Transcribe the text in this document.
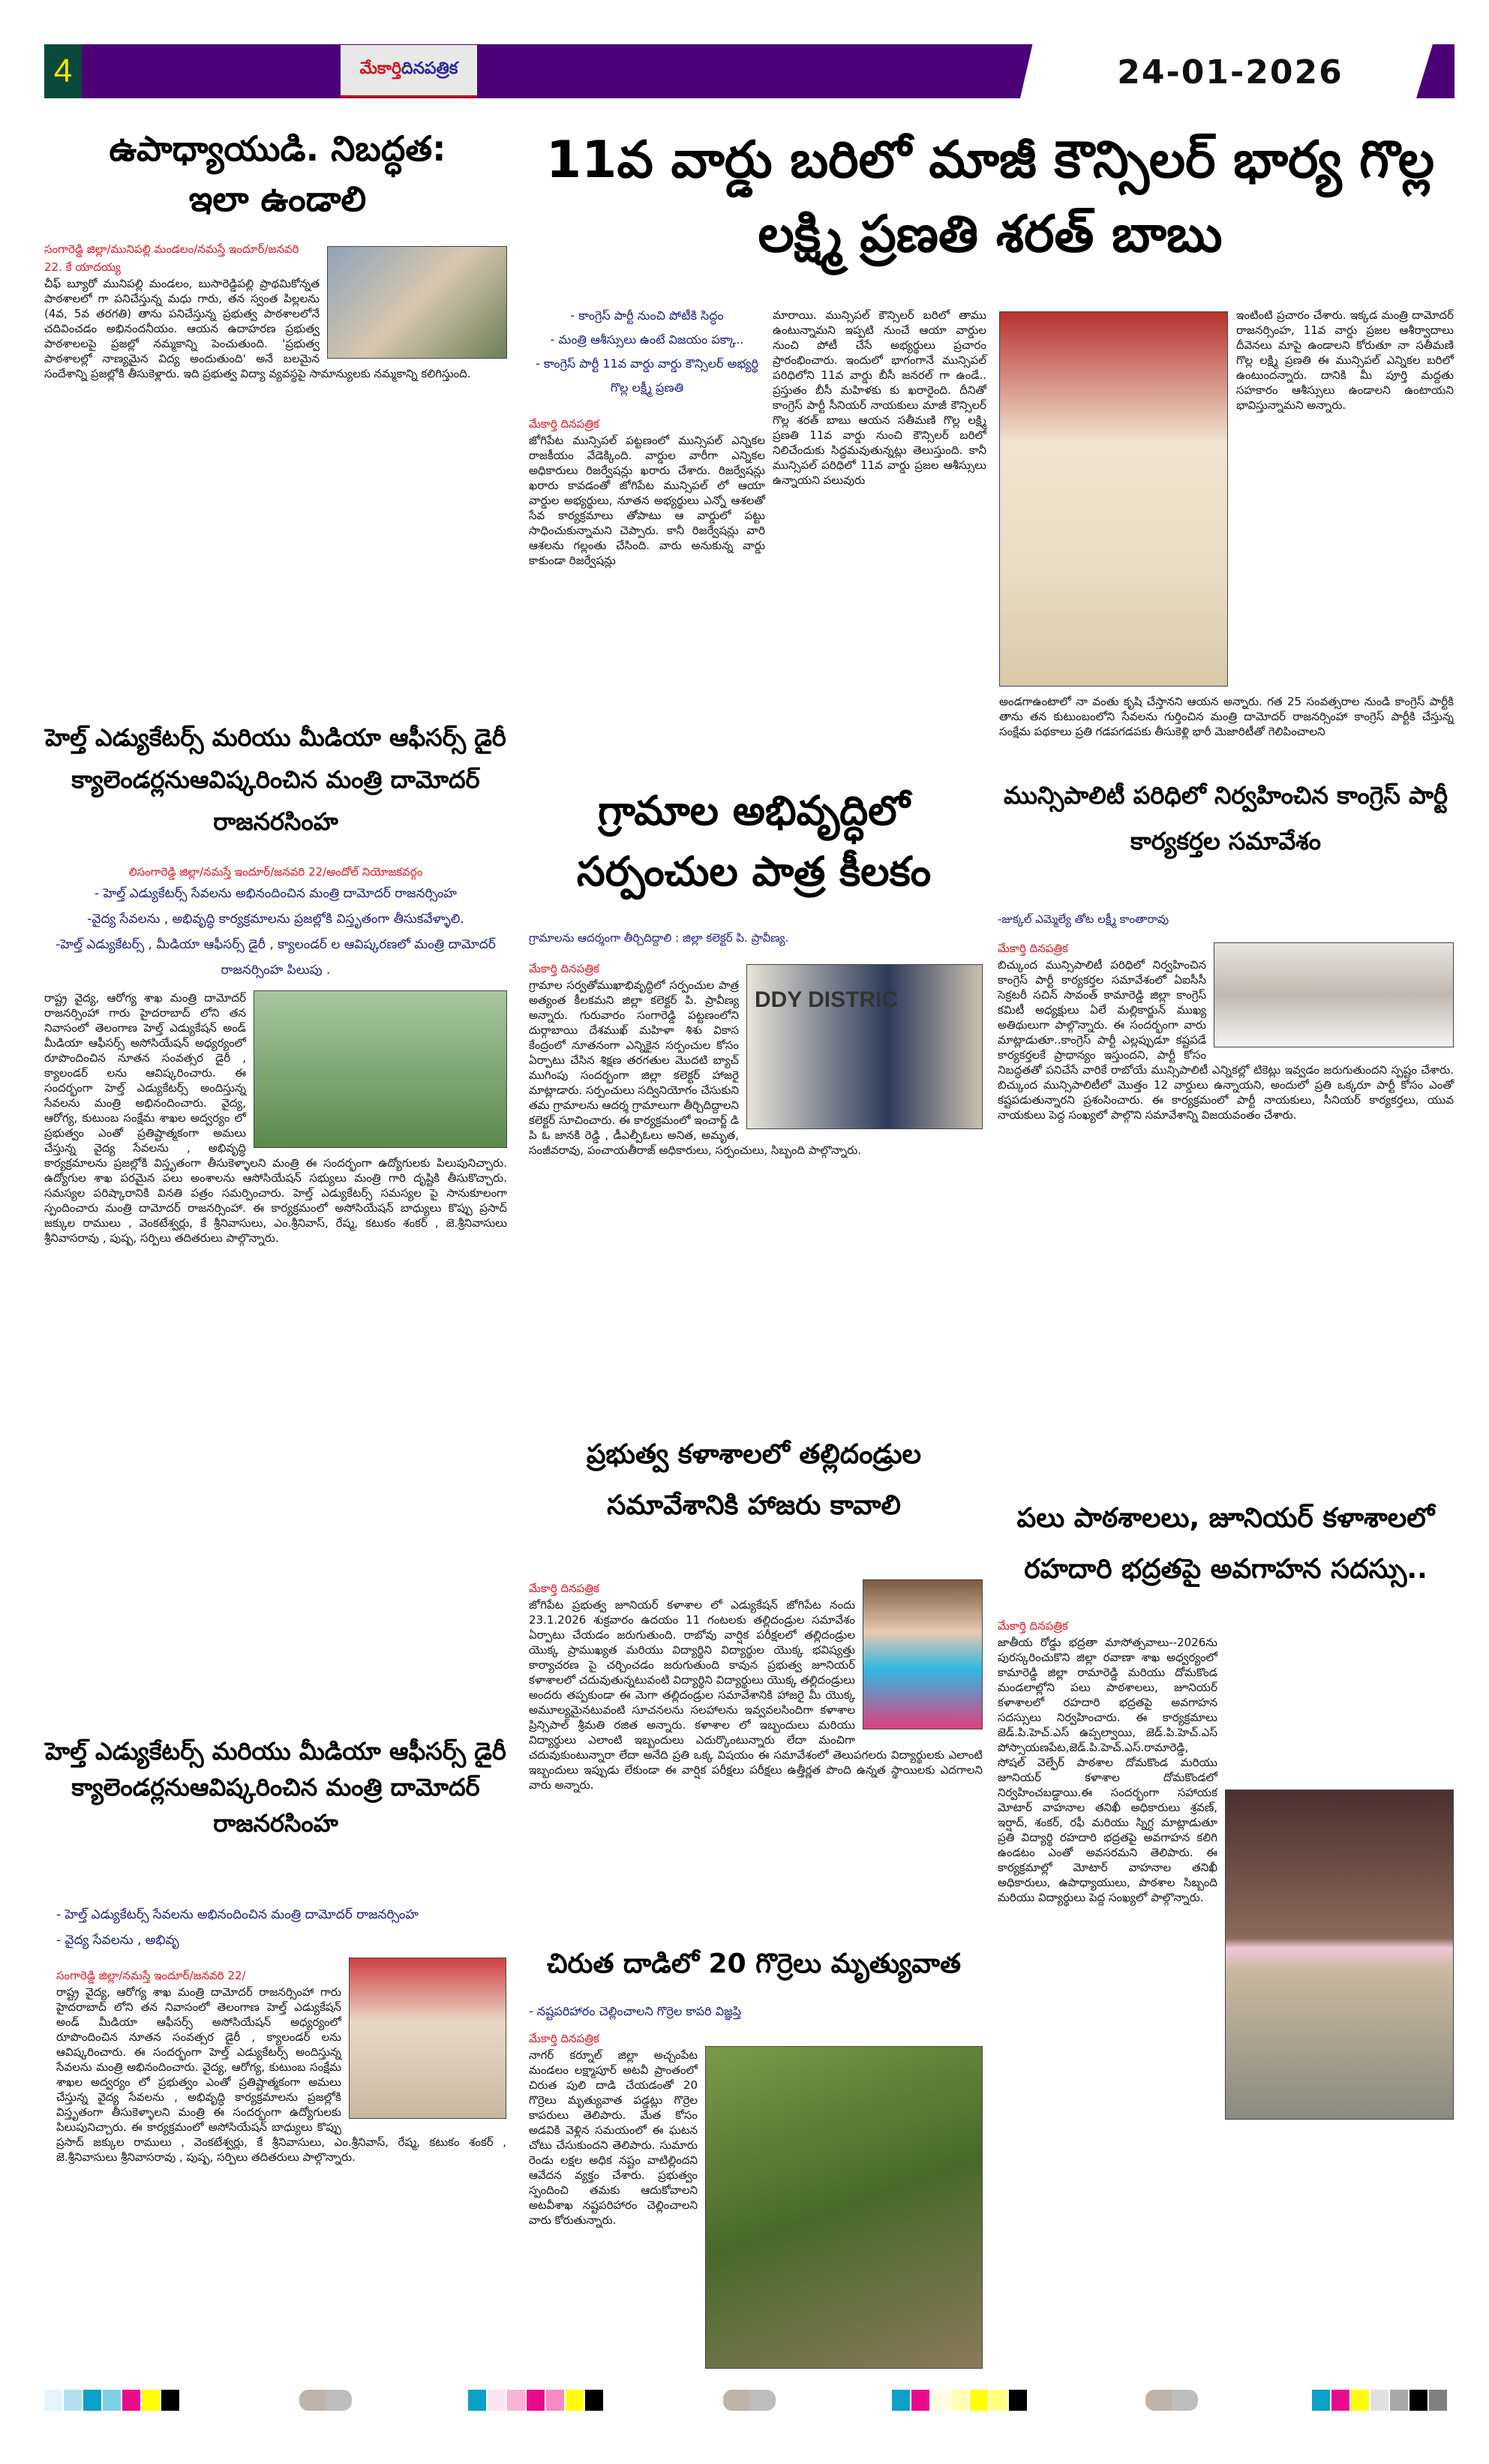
4	మేకార్తి దినపత్రిక	24-01-2026
ఉపాధ్యాయుడి. నిబద్ధత: ఇలా ఉండాలి
సంగారెడ్డి జిల్లా/మునిపల్లి మండలం/నమస్తే ఇందూర్/జనవరి 22. కే యాదయ్య
చీఫ్ బ్యూరో మునిపల్లి మండలం, బుసారెడ్డిపల్లి ప్రాథమికోన్నత పాఠశాలలో గా పనిచేస్తున్న మధు గారు, తన స్వంత పిల్లలను (4వ, 5వ తరగతి) తాను పనిచేస్తున్న ప్రభుత్వ పాఠశాలలోనే చదివించడం అభినందనీయం. ఆయన ఉదాహరణ ప్రభుత్వ పాఠశాలలపై ప్రజల్లో నమ్మకాన్ని పెంచుతుంది. 'ప్రభుత్వ పాఠశాలల్లో నాణ్యమైన విద్య అందుతుంది' అనే బలమైన సందేశాన్ని ప్రజల్లోకి తీసుకెళ్లారు. ఇది ప్రభుత్వ విద్యా వ్యవస్థపై సామాన్యులకు నమ్మకాన్ని కలిగిస్తుంది.
హెల్త్ ఎడ్యుకేటర్స్ మరియు మీడియా ఆఫీసర్స్ డైరీ క్యాలెండర్లనుఆవిష్కరించిన మంత్రి దామోదర్ రాజనరసింహ
లిసంగారెడ్డి జిల్లా/నమస్తే ఇందూర్/జనవరి 22/అందోల్ నియోజకవర్గం
- హెల్త్ ఎడ్యుకేటర్స్ సేవలను అభినందించిన మంత్రి దామోదర్ రాజనర్సింహ
-వైద్య సేవలను , అభివృద్ధి కార్యక్రమాలను ప్రజల్లోకి విస్తృతంగా తీసుకవేళ్ళాలి.
-హెల్త్ ఎడ్యుకేటర్స్ , మీడియా ఆఫీసర్స్ డైరీ , క్యాలండర్ ల ఆవిష్కరణలో మంత్రి దామోదర్ రాజనర్సింహ పిలుపు .
రాష్ట్ర వైద్య, ఆరోగ్య శాఖ మంత్రి దామోదర్ రాజనర్సింహా గారు హైదరాబాద్ లోని తన నివాసంలో తెలంగాణ హెల్త్ ఎడ్యుకేషన్ అండ్ మీడియా ఆఫీసర్స్ అసోసియేషన్ అధ్యర్యంలో రూపొందించిన నూతన సంవత్సర డైరీ , క్యాలండర్ లను ఆవిష్కరించారు. ఈ సందర్భంగా హెల్త్ ఎడ్యుకేటర్స్ అందిస్తున్న సేవలను మంత్రి అభినందించారు. వైద్య, ఆరోగ్య, కుటుంబ సంక్షేమ శాఖల అద్వర్యం లో ప్రభుత్వం ఎంతో ప్రతిష్టాత్మకంగా అమలు చేస్తున్న వైద్య సేవలను , అభివృద్ధి కార్యక్రమాలను ప్రజల్లోకి విస్తృతంగా తీసుకెళ్ళాలని మంత్రి ఈ సందర్భంగా ఉద్యోగులకు పిలుపునిచ్చారు. ఉద్యోగుల శాఖ పరమైన పలు అంశాలను ఆసోసియేషన్ సభ్యులు మంత్రి గారి దృష్టికి తీసుకొచ్చారు. సమస్యల పరిష్కారానికి వినతి పత్రం సమర్పించారు. హెల్త్ ఎడ్యుకేటర్స్ సమస్యల పై సానుకూలంగా స్పందించారు మంత్రి దామోదర్ రాజనర్సింహా. ఈ కార్యక్రమంలో అసోసియేషన్ బాధ్యులు కొప్పు ప్రసాద్ జక్కుల రాములు , వెంకటేశ్వర్లు, కే శ్రీనివాసులు, ఎం.శ్రీనివాస్, రేష్మ, కటుకం శంకర్ , జె.శ్రీనివాసులు శ్రీనివాసరావు , పుష్ప, సర్పిలు తదితరులు పాల్గొన్నారు.
హెల్త్ ఎడ్యుకేటర్స్ మరియు మీడియా ఆఫీసర్స్ డైరీ క్యాలెండర్లనుఆవిష్కరించిన మంత్రి దామోదర్ రాజనరసింహ
- హెల్త్ ఎడ్యుకేటర్స్ సేవలను అభినందించిన మంత్రి దామోదర్ రాజనర్సింహ
- వైద్య సేవలను , అభివృ
సంగారెడ్డి జిల్లా/నమస్తే ఇందూర్/జనవరి 22/
రాష్ట్ర వైద్య, ఆరోగ్య శాఖ మంత్రి దామోదర్ రాజనర్సింహా గారు హైదరాబాద్ లోని తన నివాసంలో తెలంగాణ హెల్త్ ఎడ్యుకేషన్ అండ్ మీడియా ఆఫీసర్స్ అసోసియేషన్ అధ్యర్యంలో రూపొందించిన నూతన సంవత్సర డైరీ , క్యాలండర్ లను ఆవిష్కరించారు. ఈ సందర్భంగా హెల్త్ ఎడ్యుకేటర్స్ అందిస్తున్న సేవలను మంత్రి అభినందించారు. వైద్య, ఆరోగ్య, కుటుంబ సంక్షేమ శాఖల అద్వర్యం లో ప్రభుత్వం ఎంతో ప్రతిష్టాత్మకంగా అమలు చేస్తున్న వైద్య సేవలను , అభివృద్ధి కార్యక్రమాలను ప్రజల్లోకి విస్తృతంగా తీసుకెళ్ళాలని మంత్రి ఈ సందర్భంగా ఉద్యోగులకు పిలుపునిచ్చారు. ఈ కార్యక్రమంలో అసోసియేషన్ బాధ్యులు కొప్పు ప్రసాద్ జక్కుల రాములు , వెంకటేశ్వర్లు, కే శ్రీనివాసులు, ఎం.శ్రీనివాస్, రేష్మ, కటుకం శంకర్ , జె.శ్రీనివాసులు శ్రీనివాసరావు , పుష్ప, సర్పిలు తదితరులు పాల్గొన్నారు.
11వ వార్డు బరిలో మాజీ కౌన్సిలర్ భార్య గొల్ల లక్ష్మి ప్రణతి శరత్ బాబు
- కాంగ్రెస్ పార్టీ నుంచి పోటీకి సిద్ధం
- మంత్రి ఆశీస్సులు ఉంటే విజయం పక్కా..
- కాంగ్రెస్ పార్టీ 11వ వార్డు వార్డు కౌన్సిలర్ అభ్యర్థి గొల్ల లక్ష్మీ ప్రణతి
మేకార్తి దినపత్రిక
జోగిపేట మున్సిపల్ పట్టణంలో మున్సిపల్ ఎన్నికల రాజకీయం వేడెక్కింది. వార్డుల వారీగా ఎన్నికల అధికారులు రిజర్వేషన్లు ఖరారు చేశారు. రిజర్వేషన్లు ఖరారు కావడంతో జోగిపేట మున్సిపల్ లో ఆయా వార్డుల అభ్యర్థులు, నూతన అభ్యర్థులు ఎన్నో ఆశలతో సేవ కార్యక్రమాలు తోపాటు ఆ వార్డులో పట్టు సాధించుకున్నామని చెప్పారు. కానీ రిజర్వేషన్లు వారి ఆశలను గల్లంతు చేసింది. వారు అనుకున్న వార్డు కాకుండా రిజర్వేషన్లు
మారాయి. మున్సిపల్ కౌన్సిలర్ బరిలో తాము ఉంటున్నామని ఇప్పటి నుంచే ఆయా వార్డుల నుంచి పోటీ చేసే అభ్యర్థులు ప్రచారం ప్రారంభించారు. ఇందులో భాగంగానే మున్సిపల్ పరిధిలోని 11వ వార్డు బీసీ జనరల్ గా ఉండే.. ప్రస్తుతం బీసీ మహిళకు కు ఖరారైంది. దీనితో కాంగ్రెస్ పార్టీ సీనియర్ నాయకులు మాజీ కౌన్సిలర్ గొల్ల శరత్ బాబు ఆయన సతీమణి గొల్ల లక్ష్మి ప్రణతి 11వ వార్డు నుంచి కౌన్సిలర్ బరిలో నిలిచేందుకు సిద్ధమవుతున్నట్లు తెలుస్తుంది. కానీ మున్సిపల్ పరిధిలో 11వ వార్డు ప్రజల ఆశీస్సులు ఉన్నాయని పలువురు
ఇంటింటి ప్రచారం చేశారు. ఇక్కడ మంత్రి దామోదర్ రాజనర్సింహ, 11వ వార్డు ప్రజల ఆశీర్వాదాలు దీవెనలు మాపై ఉండాలని కోరుతూ నా సతీమణి గొల్ల లక్ష్మి ప్రణతి ఈ మున్సిపల్ ఎన్నికల బరిలో ఉంటుందన్నారు. దానికి మీ పూర్తి మద్దతు సహకారం ఆశీస్సులు ఉండాలని ఉంటాయని భావిస్తున్నామని అన్నారు.
అండగాఉంటాలో నా వంతు కృషి చేస్తానని ఆయన అన్నారు. గత 25 సంవత్సరాల నుండి కాంగ్రెస్ పార్టీకి తాను తన కుటుంబంలోని సేవలను గుర్తించిన మంత్రి దామోదర్ రాజనర్సింహా కాంగ్రెస్ పార్టీకి చేస్తున్న సంక్షేమ పథకాలు ప్రతి గడపగడపకు తీసుకెళ్లి భారీ మెజారిటీతో గెలిపించాలని
గ్రామాల అభివృద్ధిలో సర్పంచుల పాత్ర కీలకం
గ్రామాలను ఆదర్శంగా తీర్చిదిద్దాలి : జిల్లా కలెక్టర్ పి. ప్రావీణ్య.
DDY DISTRIC
మేకార్తి దినపత్రిక
గ్రామాల సర్వతోముఖాభివృద్ధిలో సర్పంచుల పాత్ర అత్యంత కీలకమని జిల్లా కలెక్టర్ పి. ప్రావీణ్య అన్నారు. గురువారం సంగారెడ్డి పట్టణంలోని దుర్గాబాయి దేశముఖ్ మహిళా శిశు వికాస కేంద్రంలో నూతనంగా ఎన్నికైన సర్పంచుల కోసం ఏర్పాటు చేసిన శిక్షణ తరగతుల మొదటి బ్యాచ్ ముగింపు సందర్భంగా జిల్లా కలెక్టర్ హాజరై మాట్లాడారు. సర్పంచులు సద్వినియోగం చేసుకుని తమ గ్రామాలను ఆదర్శ గ్రామాలుగా తీర్చిదిద్దాలని కలెక్టర్ సూచించారు. ఈ కార్యక్రమంలో ఇంచార్జ్ డి పి ఓ జానకి రెడ్డి , డీఎల్పీఓలు అనిత, అమృత, సంజీవరావు, పంచాయతీరాజ్ అధికారులు, సర్పంచులు, సిబ్బంది పాల్గొన్నారు.
ప్రభుత్వ కళాశాలలో తల్లిదండ్రుల సమావేశానికి హాజరు కావాలి
మేకార్తి దినపత్రిక
జోగిపేట ప్రభుత్వ జూనియర్ కళాశాల లో ఎడ్యుకేషన్ జోగిపేట నందు 23.1.2026 శుక్రవారం ఉదయం 11 గంటలకు తల్లిదండ్రుల సమావేశం ఏర్పాటు చేయడం జరుగుతుంది. రాబోవు వార్షిక పరీక్షలలో తల్లిదండ్రుల యొక్క ప్రాముఖ్యత మరియు విద్యార్థిని విద్యార్థుల యొక్క భవిష్యత్తు కార్యాచరణ పై చర్చించడం జరుగుతుంది కావున ప్రభుత్వ జూనియర్ కళాశాలలో చదువుతున్నటువంటి విద్యార్థిని విద్యార్థులు యొక్క తల్లిదండ్రులు అందరు తప్పకుండా ఈ మెగా తల్లిదండ్రుల సమావేశానికి హాజరై మీ యొక్క అమూల్యమైనటువంటి సూచనలను సలహాలను ఇవ్వవలసిందిగా కళాశాల ప్రిన్సిపాల్ శ్రీమతి రజిత అన్నారు. కళాశాల లో ఇబ్బందులు మరియు విద్యార్థులు ఎలాంటి ఇబ్బందులు ఎదుర్కొంటున్నారు లేదా మంచిగా చదువుకుంటున్నారా లేదా అనేది ప్రతి ఒక్క విషయం ఈ సమావేశంలో తెలుపగలరు విద్యార్థులకు ఎలాంటి ఇబ్బందులు ఇప్పుడు లేకుండా ఈ వార్షిక పరీక్షలు పరీక్షలు ఉత్తీర్ణత పొంది ఉన్నత స్థాయిలకు ఎదగాలని వారు అన్నారు.
చిరుత దాడిలో 20 గొర్రెలు మృత్యువాత
- నష్టపరిహారం చెల్లించాలని గొర్రెల కాపరి విజ్ఞప్తి
మేకార్తి దినపత్రిక
నాగర్ కర్నూల్ జిల్లా అచ్చంపేట మండలం లక్ష్మాపూర్ అటవీ ప్రాంతంలో చిరుత పులి దాడి చేయడంతో 20 గొర్రెలు మృత్యువాత పడ్డట్లు గొర్రెల కాపరులు తెలిపారు. మేత కోసం అడవికి వెళ్లిన సమయంలో ఈ ఘటన చోటు చేసుకుందని తెలిపారు. సుమారు రెండు లక్షల అధిక నష్టం వాటిల్లిందని ఆవేదన వ్యక్తం చేశారు. ప్రభుత్వం స్పందించి తమకు ఆదుకోవాలని అటవీశాఖ నష్టపరిహారం చెల్లించాలని వారు కోరుతున్నారు.
మున్సిపాలిటీ పరిధిలో నిర్వహించిన కాంగ్రెస్ పార్టీ కార్యకర్తల సమావేశం
-జుక్కల్ ఎమ్మెల్యే తోట లక్ష్మీ కాంతారావు
మేకార్తి దినపత్రిక
బిచ్కుంద మున్సిపాలిటీ పరిధిలో నిర్వహించిన కాంగ్రెస్ పార్టీ కార్యకర్తల సమావేశంలో ఏఐసీసీ సెక్రటరీ సచిన్ సావంత్ కామారెడ్డి జిల్లా కాంగ్రెస్ కమిటీ అధ్యక్షులు ఏలే మల్లికార్జున్ ముఖ్య అతిథులుగా పాల్గొన్నారు. ఈ సందర్భంగా వారు మాట్లాడుతూ..కాంగ్రెస్ పార్టీ ఎల్లప్పుడూ కష్టపడే కార్యకర్తలకే ప్రాధాన్యం ఇస్తుందని, పార్టీ కోసం నిబద్ధతతో పనిచేసే వారికే రాబోయే మున్సిపాలిటీ ఎన్నికల్లో టికెట్లు ఇవ్వడం జరుగుతుందని స్పష్టం చేశారు. బిచ్కుంద మున్సిపాలిటీలో మొత్తం 12 వార్డులు ఉన్నాయని, అందులో ప్రతి ఒక్కరూ పార్టీ కోసం ఎంతో కష్టపడుతున్నారని ప్రశంసించారు. ఈ కార్యక్రమంలో పార్టీ నాయకులు, సీనియర్ కార్యకర్తలు, యువ నాయకులు పెద్ద సంఖ్యలో పాల్గొని సమావేశాన్ని విజయవంతం చేశారు.
పలు పాఠశాలలు, జూనియర్ కళాశాలలో రహదారి భద్రతపై అవగాహన సదస్సు..
మేకార్తి దినపత్రిక
జాతీయ రోడ్డు భద్రతా మాసోత్సవాలు--2026ను పురస్కరించుకొని జిల్లా రవాణా శాఖ అధ్వర్యంలో కామారెడ్డి జిల్లా రామారెడ్డి మరియు దోమకొండ మండలాల్లోని పలు పాఠశాలలు, జూనియర్ కళాశాలలో రహదారి భద్రతపై అవగాహన సదస్సులు నిర్వహించారు. ఈ కార్యక్రమాలు జెడ్.పి.హెచ్.ఎస్ ఉప్పల్వాయి, జెడ్.పి.హెచ్.ఎస్ పోస్సాయణపేట,జెడ్.పి.హెచ్.ఎస్.రామారెడ్డి, సోషల్ వెల్ఫేర్ పాఠశాల దోమకొండ మరియు జూనియర్ కళాశాల దోమకొండలో నిర్వహించబడ్డాయి.ఈ సందర్భంగా సహాయక మోటార్ వాహనాల తనిఖీ అధికారులు శ్రవణ్, ఇర్షాద్, శంకర్, రఫీ మరియు స్నిగ్ధ మాట్లాడుతూ ప్రతి విద్యార్థి రహదారి భద్రతపై అవగాహన కలిగి ఉండటం ఎంతో అవసరమని తెలిపారు. ఈ కార్యక్రమాల్లో మోటార్ వాహనాల తనిఖీ అధికారులు, ఉపాధ్యాయులు, పాఠశాల సిబ్బంది మరియు విద్యార్థులు పెద్ద సంఖ్యలో పాల్గొన్నారు.
